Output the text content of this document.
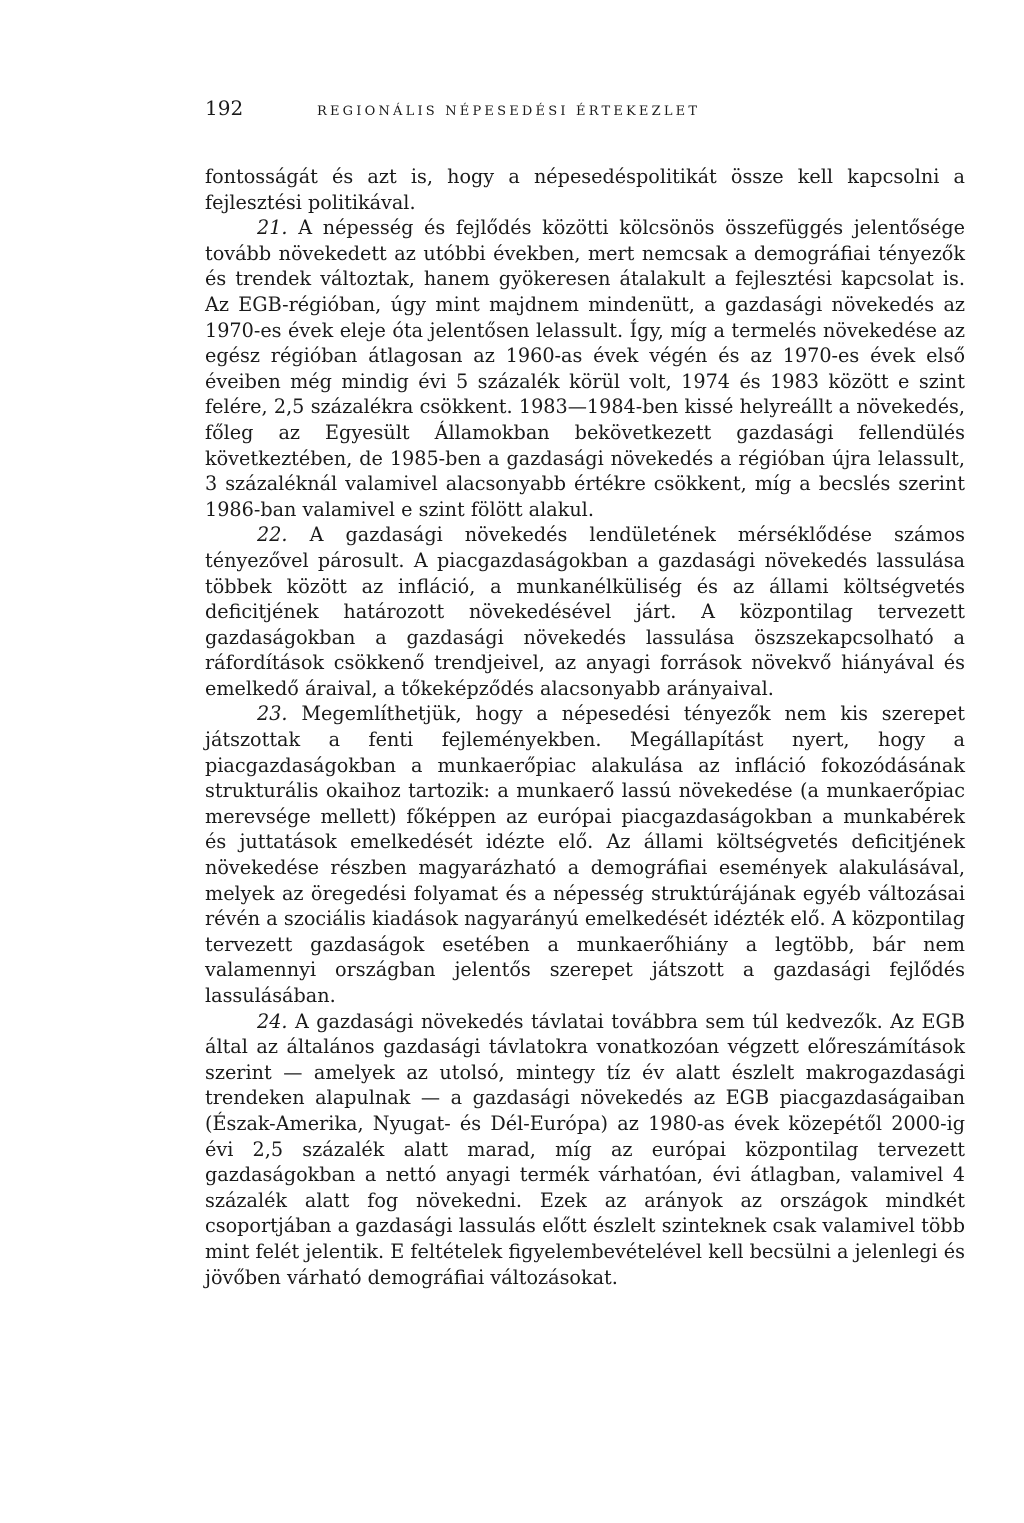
192	REGIONÁLIS NÉPESEDÉSI ÉRTEKEZLET

fontosságát és azt is, hogy a népesedéspolitikát össze kell kapcsolni a fejlesztési politikával.

21. A népesség és fejlődés közötti kölcsönös összefüggés jelentősége tovább növekedett az utóbbi években, mert nemcsak a demográfiai tényezők és trendek változtak, hanem gyökeresen átalakult a fejlesztési kapcsolat is. Az EGB-régióban, úgy mint majdnem mindenütt, a gazdasági növekedés az 1970-es évek eleje óta jelentősen lelassult. Így, míg a termelés növekedése az egész régióban átlagosan az 1960-as évek végén és az 1970-es évek első éveiben még mindig évi 5 százalék körül volt, 1974 és 1983 között e szint felére, 2,5 százalékra csökkent. 1983—1984-ben kissé helyreállt a növekedés, főleg az Egyesült Államokban bekövetkezett gazdasági fellendülés következtében, de 1985-ben a gazdasági növekedés a régióban újra lelassult, 3 százaléknál valamivel alacsonyabb értékre csökkent, míg a becslés szerint 1986-ban valamivel e szint fölött alakul.

22. A gazdasági növekedés lendületének mérséklődése számos tényezővel párosult. A piacgazdaságokban a gazdasági növekedés lassulása többek között az infláció, a munkanélküliség és az állami költségvetés deficitjének határozott növekedésével járt. A központilag tervezett gazdaságokban a gazdasági növekedés lassulása öszszekapcsolható a ráfordítások csökkenő trendjeivel, az anyagi források növekvő hiányával és emelkedő áraival, a tőkeképződés alacsonyabb arányaival.

23. Megemlíthetjük, hogy a népesedési tényezők nem kis szerepet játszottak a fenti fejleményekben. Megállapítást nyert, hogy a piacgazdaságokban a munkaerőpiac alakulása az infláció fokozódásának strukturális okaihoz tartozik: a munkaerő lassú növekedése (a munkaerőpiac merevsége mellett) főképpen az európai piacgazdaságokban a munkabérek és juttatások emelkedését idézte elő. Az állami költségvetés deficitjének növekedése részben magyarázható a demográfiai események alakulásával, melyek az öregedési folyamat és a népesség struktúrájának egyéb változásai révén a szociális kiadások nagyarányú emelkedését idézték elő. A központilag tervezett gazdaságok esetében a munkaerőhiány a legtöbb, bár nem valamennyi országban jelentős szerepet játszott a gazdasági fejlődés lassulásában.

24. A gazdasági növekedés távlatai továbbra sem túl kedvezők. Az EGB által az általános gazdasági távlatokra vonatkozóan végzett előreszámítások szerint — amelyek az utolsó, mintegy tíz év alatt észlelt makrogazdasági trendeken alapulnak — a gazdasági növekedés az EGB piacgazdaságaiban (Észak-Amerika, Nyugat- és Dél-Európa) az 1980-as évek közepétől 2000-ig évi 2,5 százalék alatt marad, míg az európai központilag tervezett gazdaságokban a nettó anyagi termék várhatóan, évi átlagban, valamivel 4 százalék alatt fog növekedni. Ezek az arányok az országok mindkét csoportjában a gazdasági lassulás előtt észlelt szinteknek csak valamivel több mint felét jelentik. E feltételek figyelembevételével kell becsülni a jelenlegi és jövőben várható demográfiai változásokat.
